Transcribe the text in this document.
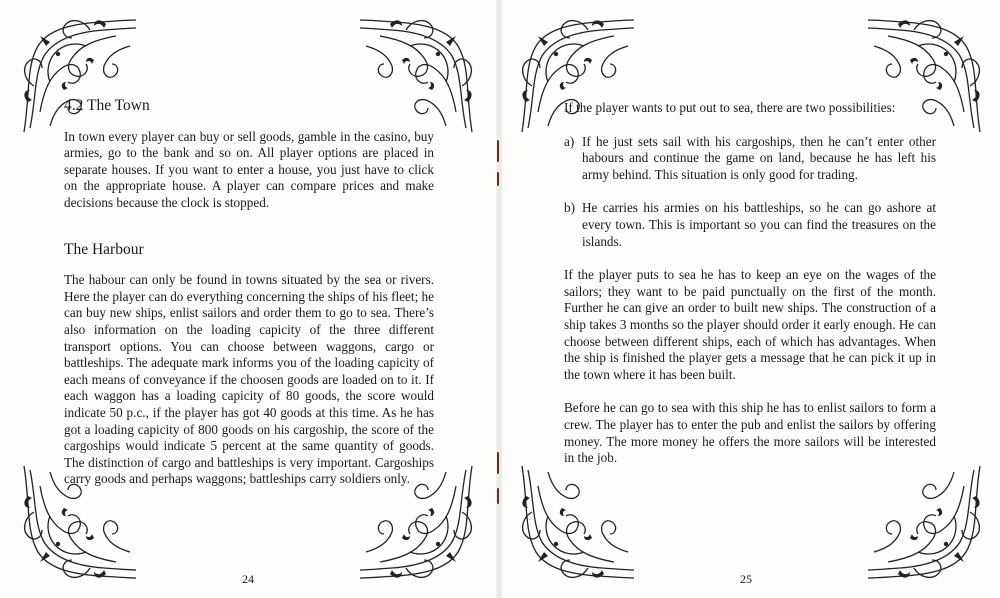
4.2 The Town

In town every player can buy or sell goods, gamble in the casino, buy armies, go to the bank and so on. All player options are placed in separate houses. If you want to enter a house, you just have to click on the appropriate house. A player can compare prices and make decisions because the clock is stopped.

The Harbour

The habour can only be found in towns situated by the sea or rivers. Here the player can do everything concerning the ships of his fleet; he can buy new ships, enlist sailors and order them to go to sea. There’s also information on the loading capicity of the three different transport options. You can choose between waggons, cargo or battleships. The adequate mark informs you of the loading capicity of each means of conveyance if the choosen goods are loaded on to it. If each waggon has a loading capicity of 80 goods, the score would indicate 50 p.c., if the player has got 40 goods at this time. As he has got a loading capicity of 800 goods on his cargoship, the score of the cargoships would indicate 5 percent at the same quantity of goods. The distinction of cargo and battleships is very important. Cargoships carry goods and perhaps waggons; battleships carry soldiers only.

24

If the player wants to put out to sea, there are two possibilities:

a) If he just sets sail with his cargoships, then he can’t enter other habours and continue the game on land, because he has left his army behind. This situation is only good for trading.
b) He carries his armies on his battleships, so he can go ashore at every town. This is important so you can find the treasures on the islands.

If the player puts to sea he has to keep an eye on the wages of the sailors; they want to be paid punctually on the first of the month. Further he can give an order to built new ships. The construction of a ship takes 3 months so the player should order it early enough. He can choose between different ships, each of which has advantages. When the ship is finished the player gets a message that he can pick it up in the town where it has been built.

Before he can go to sea with this ship he has to enlist sailors to form a crew. The player has to enter the pub and enlist the sailors by offering money. The more money he offers the more sailors will be interested in the job.

25
